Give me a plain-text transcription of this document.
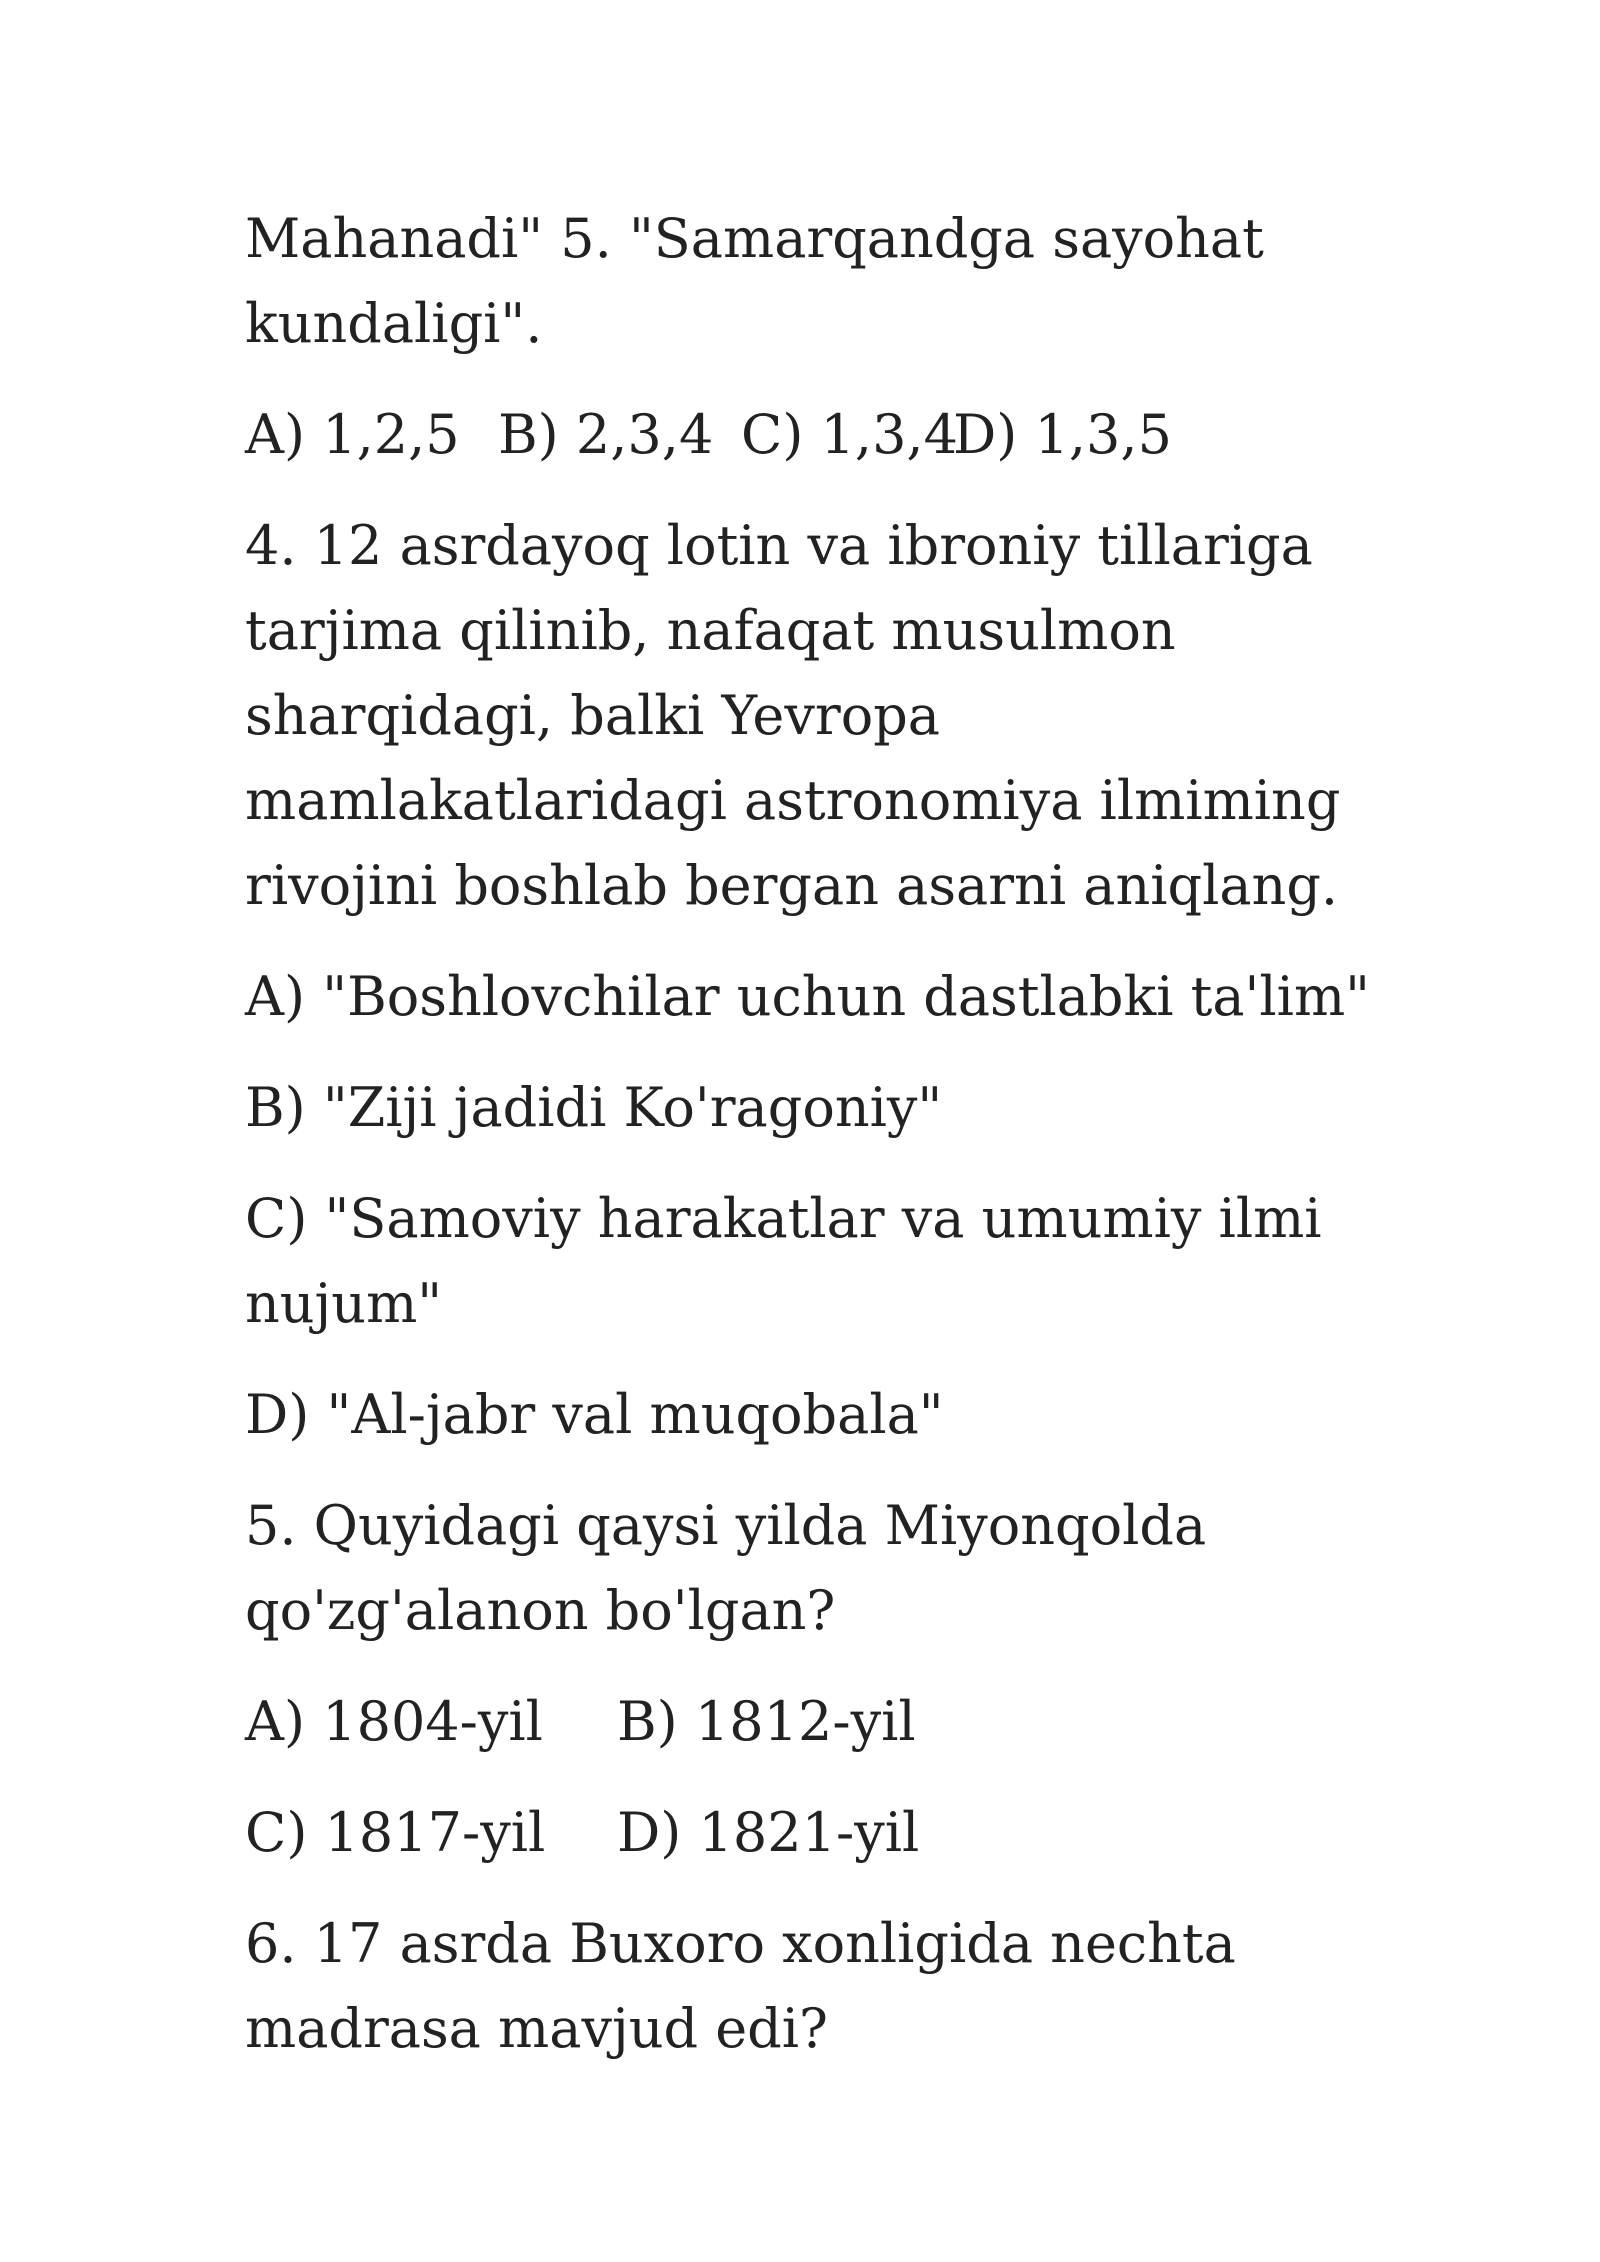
Mahanadi" 5. "Samarqandga sayohat
kundaligi".
A) 1,2,5 B) 2,3,4 C) 1,3,4
D) 1,3,5
4. 12 asrdayoq lotin va ibroniy tillariga
tarjima qilinib, nafaqat musulmon
sharqidagi, balki Yevropa
mamlakatlaridagi astronomiya ilmiming
rivojini boshlab bergan asarni aniqlang.
A) "Boshlovchilar uchun dastlabki ta'lim"
B) "Ziji jadidi Ko'ragoniy"
C) "Samoviy harakatlar va umumiy ilmi
nujum"
D) "Al-jabr val muqobala"
5. Quyidagi qaysi yilda Miyonqolda
qo'zg'alanon bo'lgan?
A) 1804-yil	B) 1812-yil
C) 1817-yil	D) 1821-yil
6. 17 asrda Buxoro xonligida nechta
madrasa mavjud edi?
